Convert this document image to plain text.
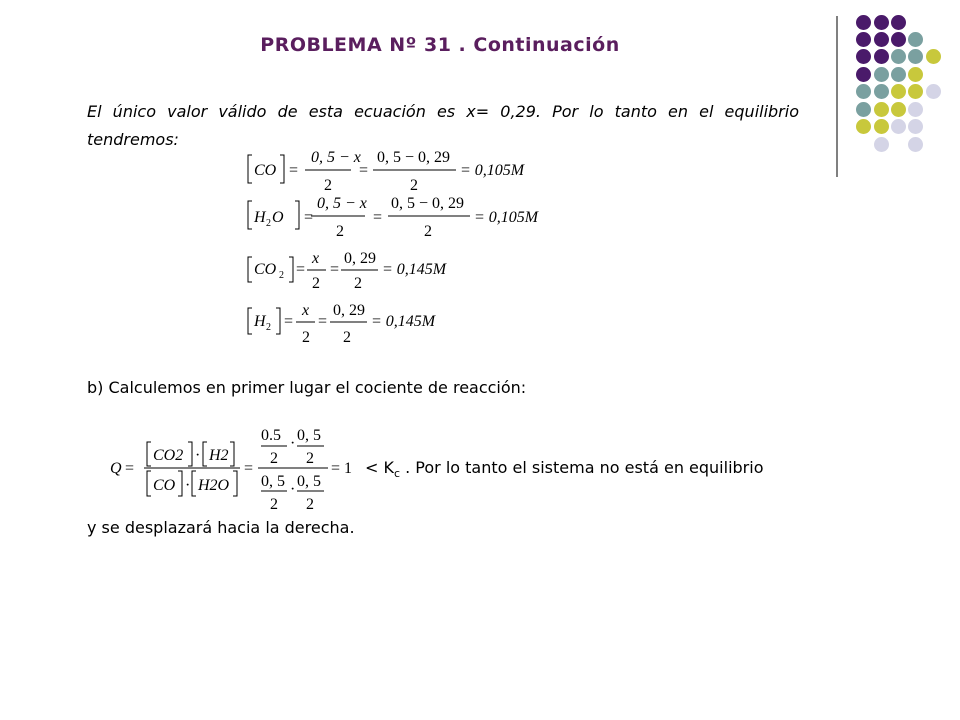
PROBLEMA Nº 31 . Continuación
El único valor válido de esta ecuación es x= 0,29. Por lo tanto en el equilibrio tendremos:
CO =
0, 5 − x
2
=
0, 5 − 0, 29
2
= 0,105M
H 2 O =
0, 5 − x
2
=
0, 5 − 0, 29
2
= 0,105M
CO 2 =
x
2
=
0, 29
2
= 0,145M
H 2 =
x
2
=
0, 29
2
= 0,145M
Q =
CO2 · H2
CO · H2O
=
0.5 · 0, 5
2 2
0, 5 · 0, 5
2 2
= 1
b) Calculemos en primer lugar el cociente de reacción:
< $K_c$ . Por lo tanto el sistema no está en equilibrio
y se desplazará hacia la derecha.
